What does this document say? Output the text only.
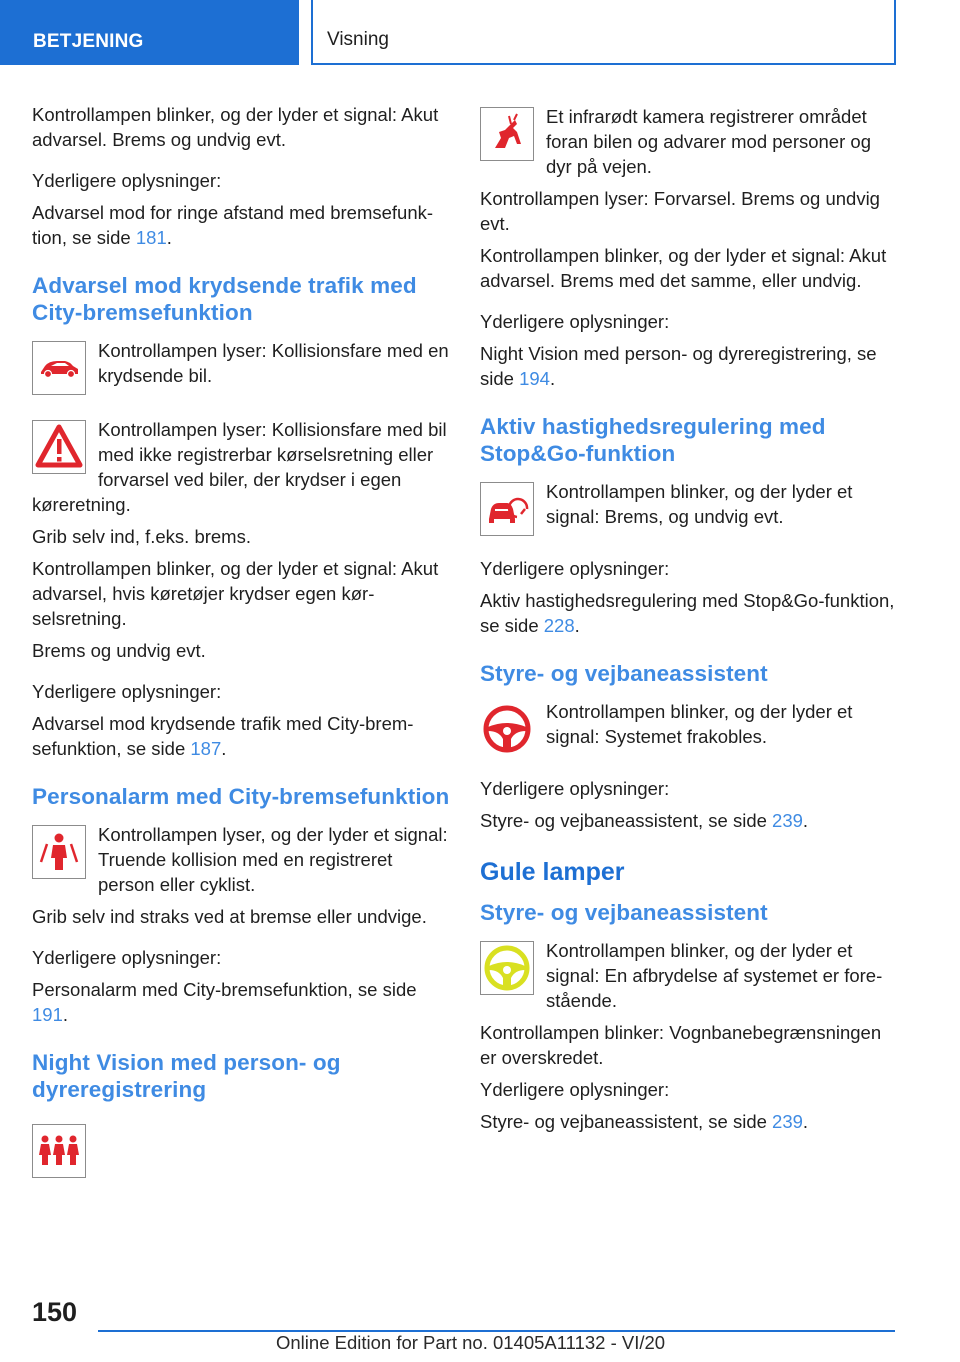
BETJENING	Visning

Kontrollampen blinker, og der lyder et signal: Akut advarsel. Brems og undvig evt.

Yderligere oplysninger:

Advarsel mod for ringe afstand med bremsefunktion, se side 181.

Advarsel mod krydsende trafik med City-bremsefunktion

Kontrollampen lyser: Kollisionsfare med en krydsende bil.

Kontrollampen lyser: Kollisionsfare med bil med ikke registrerbar kørselsretning eller forvarsel ved biler, der krydser i egen køreretning.

Grib selv ind, f.eks. brems.

Kontrollampen blinker, og der lyder et signal: Akut advarsel, hvis køretøjer krydser egen kørselsretning.

Brems og undvig evt.

Yderligere oplysninger:

Advarsel mod krydsende trafik med City-bremsefunktion, se side 187.

Personalarm med City-bremsefunktion

Kontrollampen lyser, og der lyder et signal: Truende kollision med en registreret person eller cyklist.

Grib selv ind straks ved at bremse eller undvige.

Yderligere oplysninger:

Personalarm med City-bremsefunktion, se side 191.

Night Vision med person- og dyreregistrering

Et infrarødt kamera registrerer området foran bilen og advarer mod personer og dyr på vejen.

Kontrollampen lyser: Forvarsel. Brems og undvig evt.

Kontrollampen blinker, og der lyder et signal: Akut advarsel. Brems med det samme, eller undvig.

Yderligere oplysninger:

Night Vision med person- og dyreregistrering, se side 194.

Aktiv hastighedsregulering med Stop&Go-funktion

Kontrollampen blinker, og der lyder et signal: Brems, og undvig evt.

Yderligere oplysninger:

Aktiv hastighedsregulering med Stop&Go-funktion, se side 228.

Styre- og vejbaneassistent

Kontrollampen blinker, og der lyder et signal: Systemet frakobles.

Yderligere oplysninger:

Styre- og vejbaneassistent, se side 239.

Gule lamper
Styre- og vejbaneassistent

Kontrollampen blinker, og der lyder et signal: En afbrydelse af systemet er forestående.

Kontrollampen blinker: Vognbanebegrænsningen er overskredet.

Yderligere oplysninger:

Styre- og vejbaneassistent, se side 239.

150
Online Edition for Part no. 01405A11132 - VI/20
